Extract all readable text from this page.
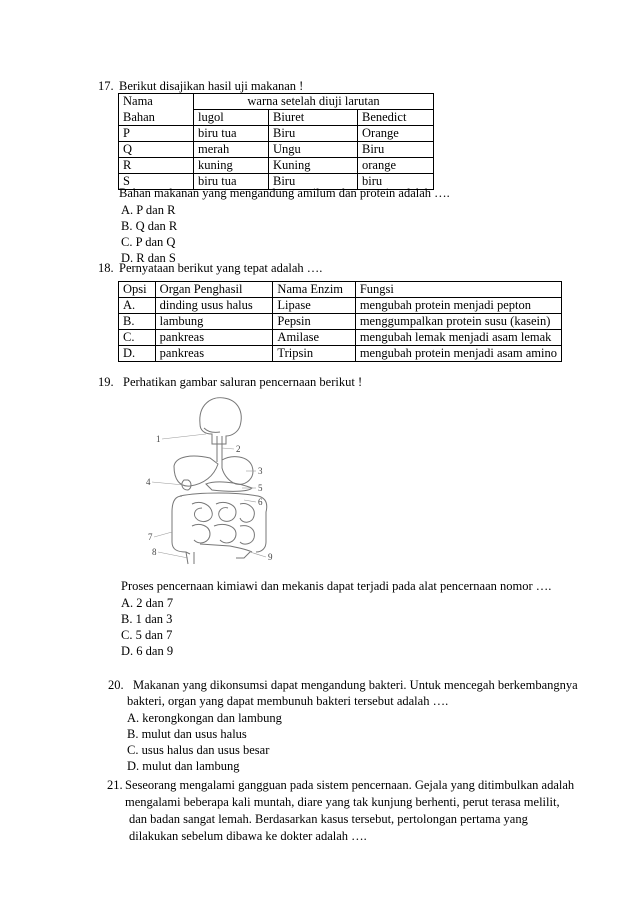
17. Berikut disajikan hasil uji makanan !
Nama	warna setelah diuji larutan		
Bahan	lugol	Biuret	Benedict
P	biru tua	Biru	Orange
Q	merah	Ungu	Biru
R	kuning	Kuning	orange
S	biru tua	Biru	biru
Bahan makanan yang mengandung amilum dan protein adalah ….
A. P dan R
B. Q dan R
C. P dan Q
D. R dan S
18. Pernyataan berikut yang tepat adalah ….
Opsi	Organ Penghasil	Nama Enzim	Fungsi
A.	dinding usus halus	Lipase	mengubah protein menjadi pepton
B.	lambung	Pepsin	menggumpalkan protein susu (kasein)
C.	pankreas	Amilase	mengubah lemak menjadi asam lemak
D.	pankreas	Tripsin	mengubah protein menjadi asam amino
19. Perhatikan gambar saluran pencernaan berikut !
1
2
3
4
5
6
7
8	9
Proses pencernaan kimiawi dan mekanis dapat terjadi pada alat pencernaan nomor ….
A. 2 dan 7
B. 1 dan 3
C. 5 dan 7
D. 6 dan 9
20. Makanan yang dikonsumsi dapat mengandung bakteri. Untuk mencegah berkembangnya
bakteri, organ yang dapat membunuh bakteri tersebut adalah ….
A. kerongkongan dan lambung
B. mulut dan usus halus
C. usus halus dan usus besar
D. mulut dan lambung
21. Seseorang mengalami gangguan pada sistem pencernaan. Gejala yang ditimbulkan adalah
mengalami beberapa kali muntah, diare yang tak kunjung berhenti, perut terasa melilit,
dan badan sangat lemah. Berdasarkan kasus tersebut, pertolongan pertama yang
dilakukan sebelum dibawa ke dokter adalah ….
